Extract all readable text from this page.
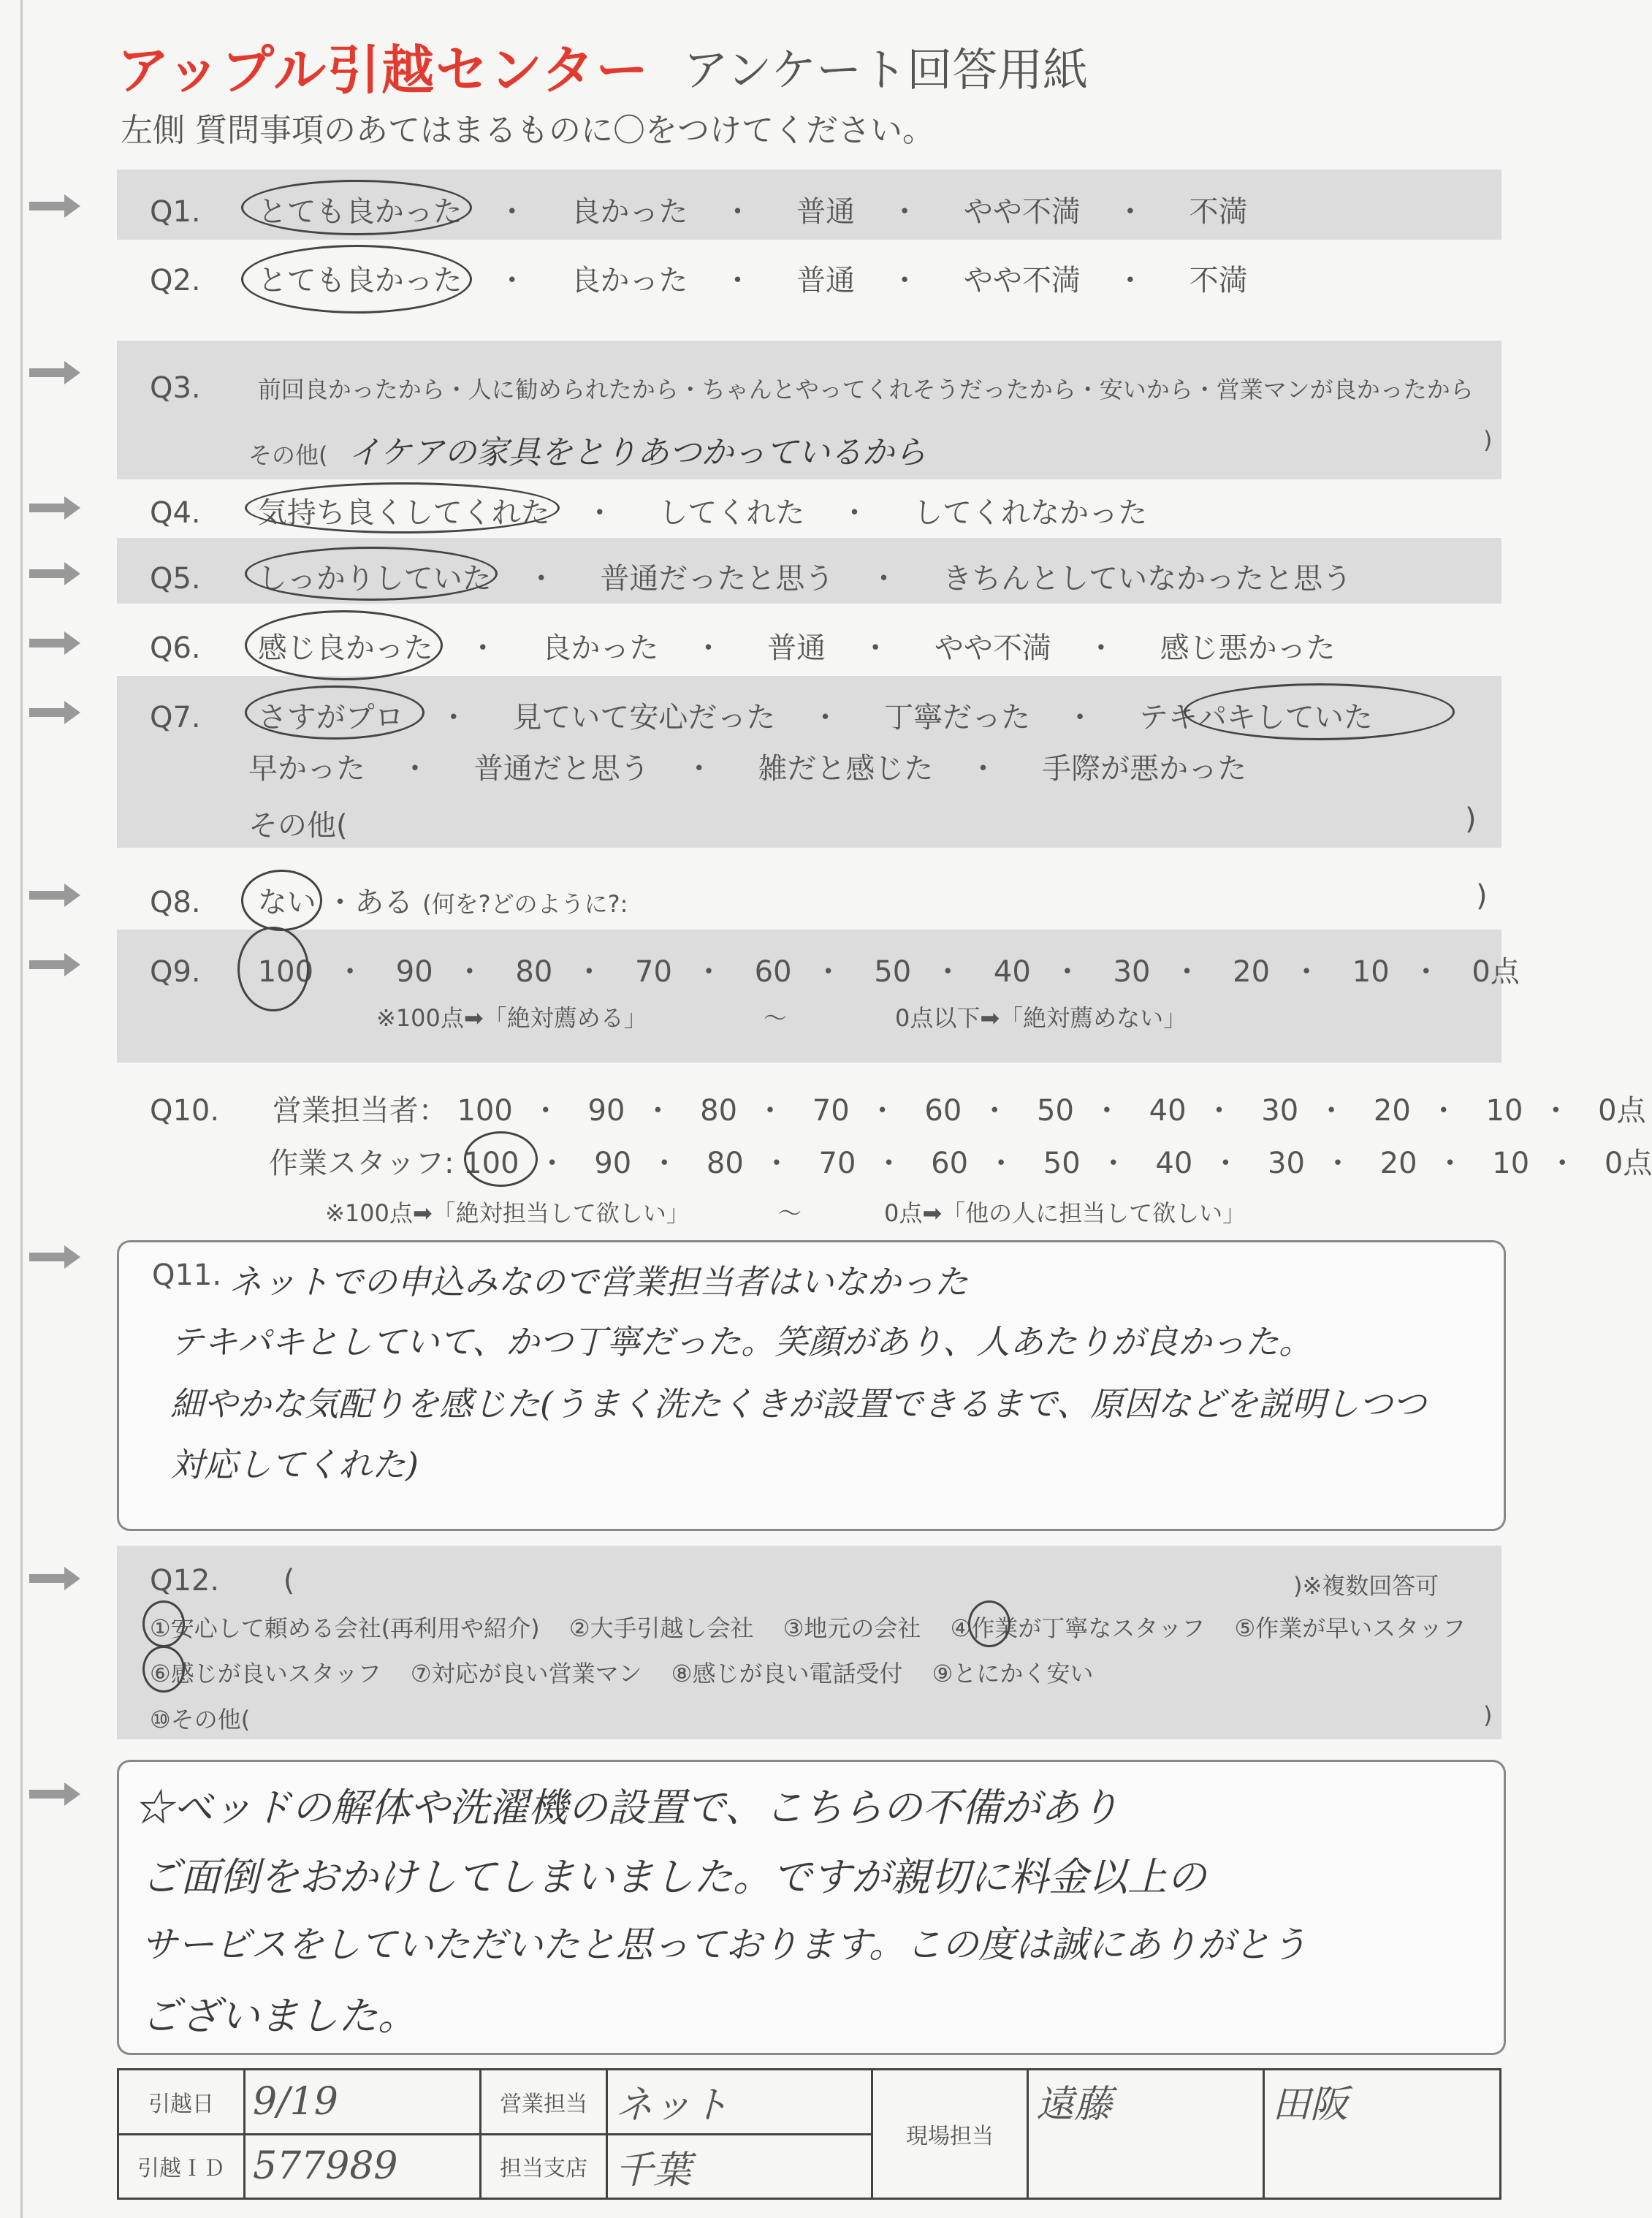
アップル引越センター アンケート回答用紙
左側 質問事項のあてはまるものに〇をつけてください。
Q1. とても良かった ・ 良かった ・ 普通 ・ やや不満 ・ 不満
Q2. とても良かった ・ 良かった ・ 普通 ・ やや不満 ・ 不満
Q3. 前回良かったから・人に勧められたから・ちゃんとやってくれそうだったから・安いから・営業マンが良かったから
その他( イケアの家具をとりあつかっているから	)
Q4. 気持ち良くしてくれた ・ してくれた ・ してくれなかった
Q5. しっかりしていた ・ 普通だったと思う ・ きちんとしていなかったと思う
Q6. 感じ良かった ・ 良かった ・ 普通 ・ やや不満 ・ 感じ悪かった
Q7. さすがプロ ・ 見ていて安心だった ・ 丁寧だった ・ テキパキしていた
早かった ・ 普通だと思う ・ 雑だと感じた ・ 手際が悪かった
その他(	)
Q8. ない ・ある (何を?どのように?:	)
Q9. 100 ・ 90 ・ 80 ・ 70 ・ 60 ・ 50 ・ 40 ・ 30 ・ 20 ・ 10 ・ 0点
※100点➡「絶対薦める」	〜	0点以下➡「絶対薦めない」
Q10. 営業担当者： 100 ・ 90 ・ 80 ・ 70 ・ 60 ・ 50 ・ 40 ・ 30 ・ 20 ・ 10 ・ 0点
作業スタッフ: 100 ・ 90 ・ 80 ・ 70 ・ 60 ・ 50 ・ 40 ・ 30 ・ 20 ・ 10 ・ 0点
※100点➡「絶対担当して欲しい」	〜	0点➡「他の人に担当して欲しい」
Q11. ネットでの申込みなので営業担当者はいなかった
テキパキとしていて、かつ丁寧だった。笑顔があり、人あたりが良かった。
細やかな気配りを感じた(うまく洗たくきが設置できるまで、原因などを説明しつつ
対応してくれた)
Q12. (	)※複数回答可
①安心して頼める会社(再利用や紹介) ②大手引越し会社 ③地元の会社 ④作業が丁寧なスタッフ ⑤作業が早いスタッフ
⑥感じが良いスタッフ ⑦対応が良い営業マン ⑧感じが良い電話受付 ⑨とにかく安い
⑩その他(	)
☆ベッドの解体や洗濯機の設置で、こちらの不備があり
ご面倒をおかけしてしまいました。ですが親切に料金以上の
サービスをしていただいたと思っております。この度は誠にありがとう
ございました。
引越日	9/19	営業担当	ネット	現場担当	遠藤	田阪
引越ＩＤ	577989	担当支店	千葉			
